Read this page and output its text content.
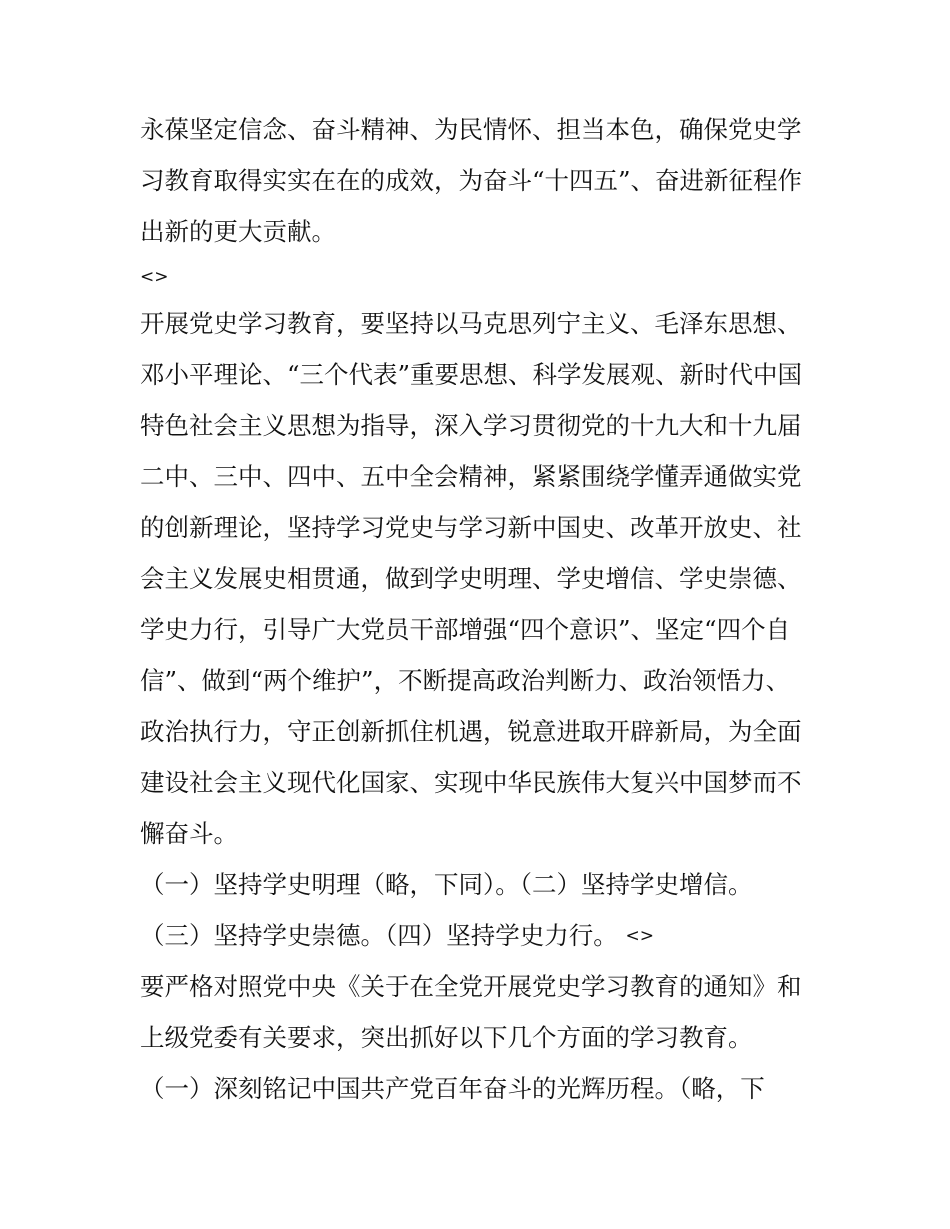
永葆坚定信念、奋斗精神、为民情怀、担当本色，确保党史学
习教育取得实实在在的成效，为奋斗“十四五”、奋进新征程作
出新的更大贡献。
<>
开展党史学习教育，要坚持以马克思列宁主义、毛泽东思想、
邓小平理论、“三个代表”重要思想、科学发展观、新时代中国
特色社会主义思想为指导，深入学习贯彻党的十九大和十九届
二中、三中、四中、五中全会精神，紧紧围绕学懂弄通做实党
的创新理论，坚持学习党史与学习新中国史、改革开放史、社
会主义发展史相贯通，做到学史明理、学史增信、学史崇德、
学史力行，引导广大党员干部增强“四个意识”、坚定“四个自
信”、做到“两个维护”，不断提高政治判断力、政治领悟力、
政治执行力，守正创新抓住机遇，锐意进取开辟新局，为全面
建设社会主义现代化国家、实现中华民族伟大复兴中国梦而不
懈奋斗。
（一）坚持学史明理（略，下同）。（二）坚持学史增信。
（三）坚持学史崇德。（四）坚持学史力行。 <>
要严格对照党中央《关于在全党开展党史学习教育的通知》和
上级党委有关要求，突出抓好以下几个方面的学习教育。
（一）深刻铭记中国共产党百年奋斗的光辉历程。（略，下
